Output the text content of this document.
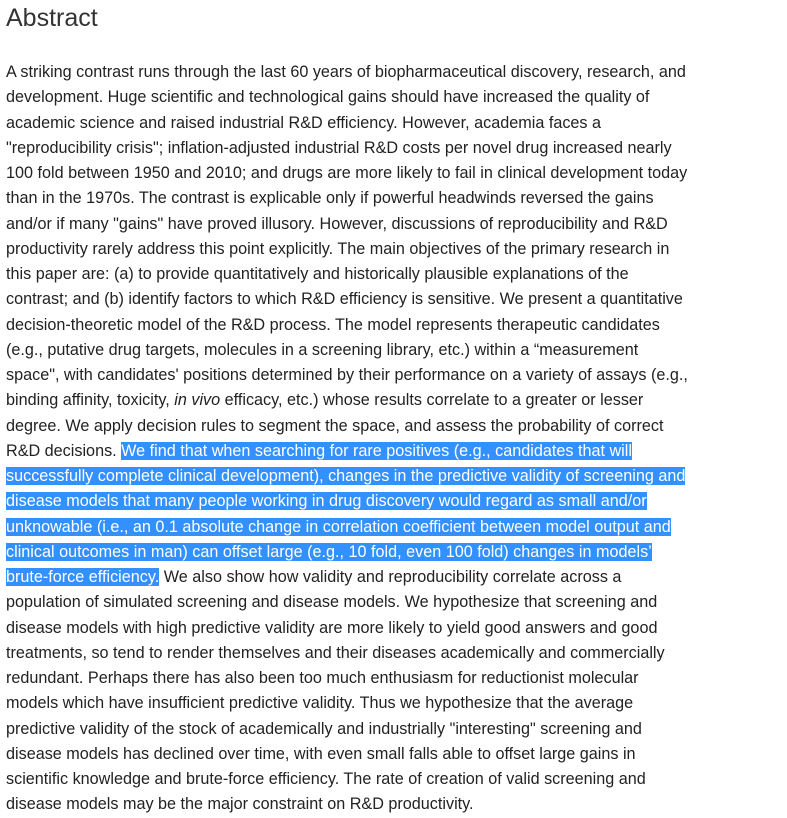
Abstract
A striking contrast runs through the last 60 years of biopharmaceutical discovery, research, and
development. Huge scientific and technological gains should have increased the quality of
academic science and raised industrial R&D efficiency. However, academia faces a
"reproducibility crisis"; inflation-adjusted industrial R&D costs per novel drug increased nearly
100 fold between 1950 and 2010; and drugs are more likely to fail in clinical development today
than in the 1970s. The contrast is explicable only if powerful headwinds reversed the gains
and/or if many "gains" have proved illusory. However, discussions of reproducibility and R&D
productivity rarely address this point explicitly. The main objectives of the primary research in
this paper are: (a) to provide quantitatively and historically plausible explanations of the
contrast; and (b) identify factors to which R&D efficiency is sensitive. We present a quantitative
decision-theoretic model of the R&D process. The model represents therapeutic candidates
(e.g., putative drug targets, molecules in a screening library, etc.) within a “measurement
space", with candidates' positions determined by their performance on a variety of assays (e.g.,
binding affinity, toxicity, in vivo efficacy, etc.) whose results correlate to a greater or lesser
degree. We apply decision rules to segment the space, and assess the probability of correct
R&D decisions. We find that when searching for rare positives (e.g., candidates that will
successfully complete clinical development), changes in the predictive validity of screening and
disease models that many people working in drug discovery would regard as small and/or
unknowable (i.e., an 0.1 absolute change in correlation coefficient between model output and
clinical outcomes in man) can offset large (e.g., 10 fold, even 100 fold) changes in models’
brute-force efficiency. We also show how validity and reproducibility correlate across a
population of simulated screening and disease models. We hypothesize that screening and
disease models with high predictive validity are more likely to yield good answers and good
treatments, so tend to render themselves and their diseases academically and commercially
redundant. Perhaps there has also been too much enthusiasm for reductionist molecular
models which have insufficient predictive validity. Thus we hypothesize that the average
predictive validity of the stock of academically and industrially "interesting" screening and
disease models has declined over time, with even small falls able to offset large gains in
scientific knowledge and brute-force efficiency. The rate of creation of valid screening and
disease models may be the major constraint on R&D productivity.
